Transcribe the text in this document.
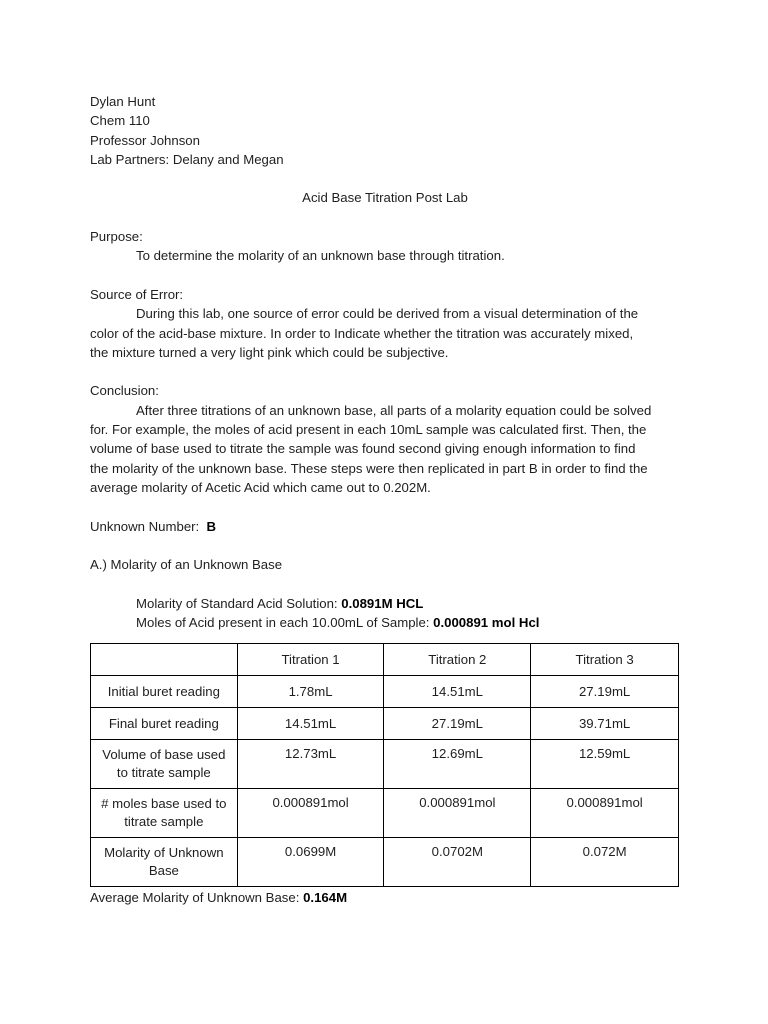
Dylan Hunt
Chem 110
Professor Johnson
Lab Partners: Delany and Megan
Acid Base Titration Post Lab
Purpose:
To determine the molarity of an unknown base through titration.
Source of Error:
During this lab, one source of error could be derived from a visual determination of the
color of the acid-base mixture. In order to Indicate whether the titration was accurately mixed,
the mixture turned a very light pink which could be subjective.
Conclusion:
After three titrations of an unknown base, all parts of a molarity equation could be solved
for. For example, the moles of acid present in each 10mL sample was calculated first. Then, the
volume of base used to titrate the sample was found second giving enough information to find
the molarity of the unknown base. These steps were then replicated in part B in order to find the
average molarity of Acetic Acid which came out to 0.202M.
Unknown Number: B
A.) Molarity of an Unknown Base
Molarity of Standard Acid Solution: 0.0891M HCL
Moles of Acid present in each 10.00mL of Sample: 0.000891 mol Hcl
	Titration 1	Titration 2	Titration 3
Initial buret reading	1.78mL	14.51mL	27.19mL
Final buret reading	14.51mL	27.19mL	39.71mL
Volume of base used to titrate sample	12.73mL	12.69mL	12.59mL
# moles base used to titrate sample	0.000891mol	0.000891mol	0.000891mol
Molarity of Unknown Base	0.0699M	0.0702M	0.072M
Average Molarity of Unknown Base: 0.164M
